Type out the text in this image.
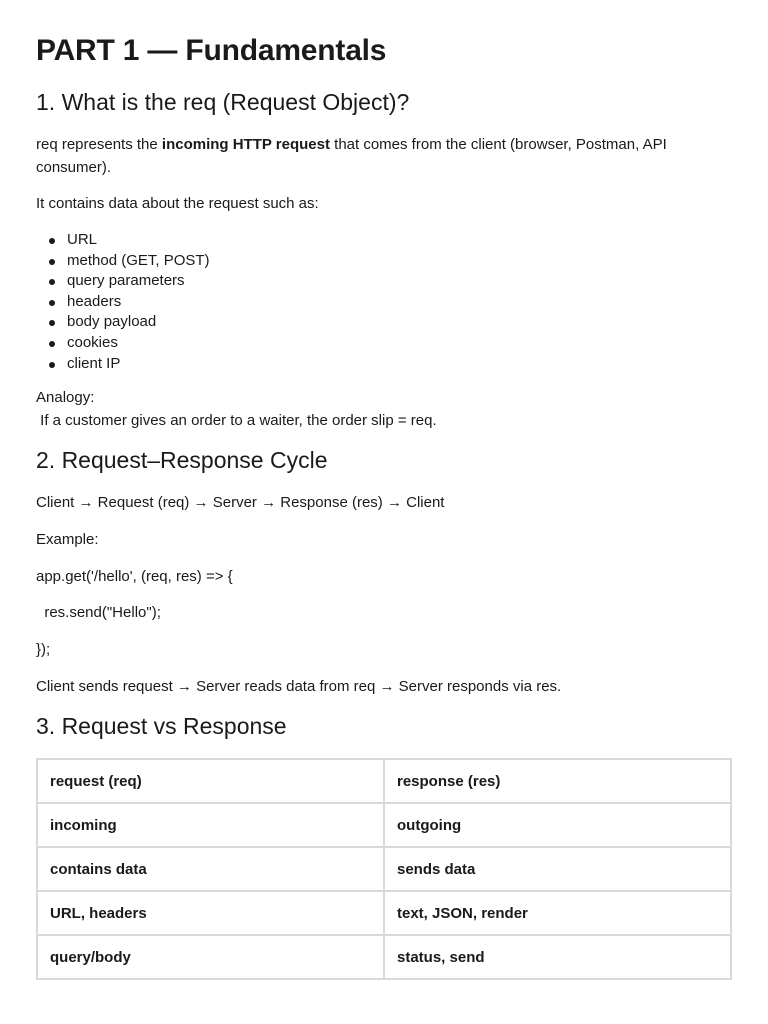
PART 1 — Fundamentals
1. What is the req (Request Object)?

req represents the incoming HTTP request that comes from the client (browser, Postman, API consumer).

It contains data about the request such as:

URL
method (GET, POST)
query parameters
headers
body payload
cookies
client IP

Analogy:

If a customer gives an order to a waiter, the order slip = req.

2. Request–Response Cycle

Client → Request (req) → Server → Response (res) → Client

Example:

app.get('/hello', (req, res) => {

res.send("Hello");

});

Client sends request → Server reads data from req → Server responds via res.

3. Request vs Response
request (req)	response (res)
incoming	outgoing
contains data	sends data
URL, headers	text, JSON, render
query/body	status, send
